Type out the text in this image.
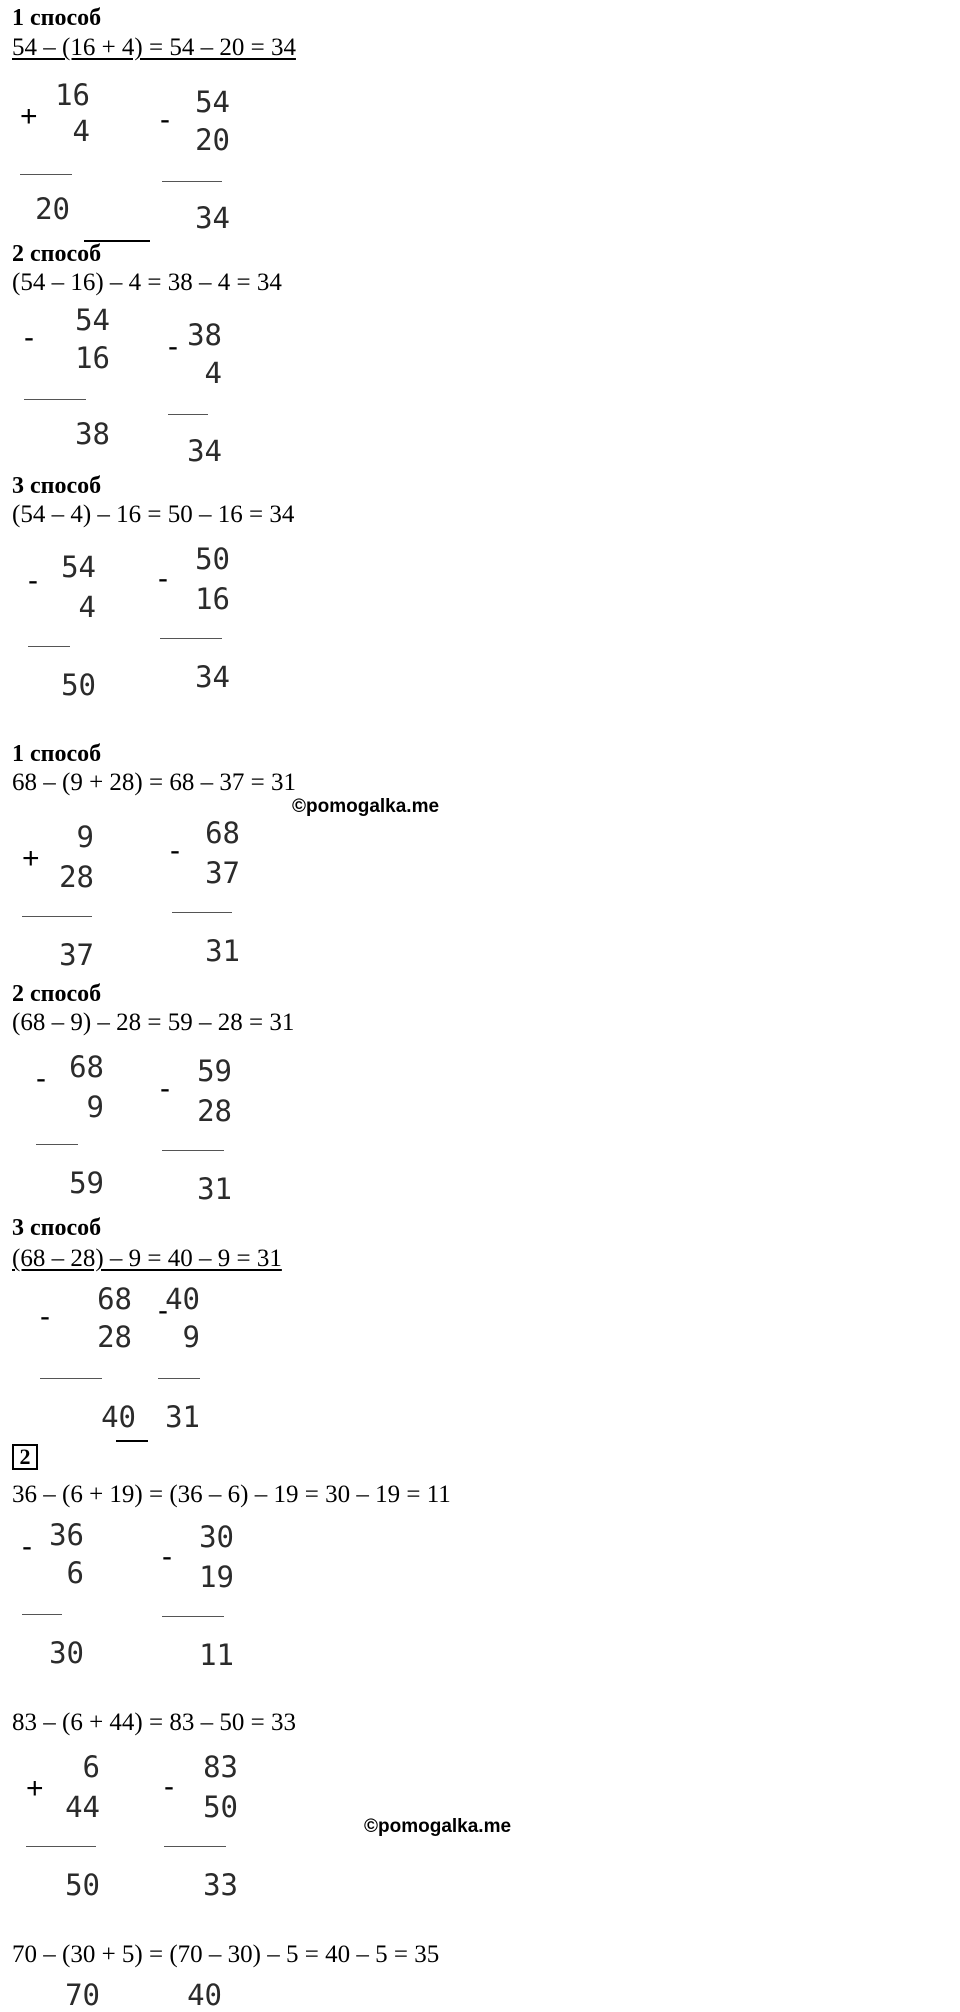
1 способ
54 – (16 + 4) = 54 – 20 = 34
+
16
4
20
-
54
20
34
2 способ
(54 – 16) – 4 = 38 – 4 = 34
-
54
16
38
- 38
4
34
3 способ
(54 – 4) – 16 = 50 – 16 = 34
- 54
4
50
-
50
16
34
1 способ
68 – (9 + 28) = 68 – 37 = 31
©pomogalka.me
+
9
28
37
-
68
37
31
2 способ
(68 – 9) – 28 = 59 – 28 = 31
- 68
9
59
-
59
28
31
3 способ
(68 – 28) – 9 = 40 – 9 = 31
-
68
28
40
-
40
9
31
2
36 – (6 + 19) = (36 – 6) – 19 = 30 – 19 = 11
- 36
6
30
-
30
19
11
83 – (6 + 44) = 83 – 50 = 33
©pomogalka.me
+
6
44
50
-
83
50
33
70 – (30 + 5) = (70 – 30) – 5 = 40 – 5 = 35
70	40
